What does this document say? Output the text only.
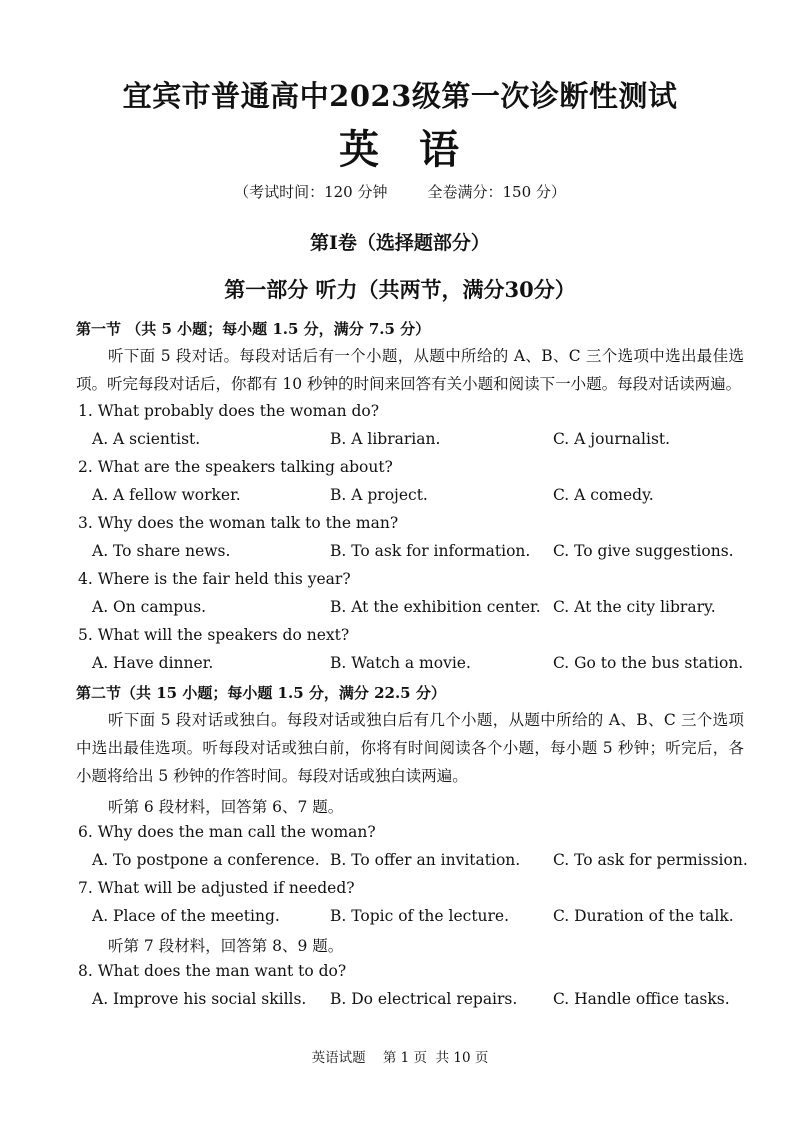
宜宾市普通高中2023级第一次诊断性测试
英 语
（考试时间：120 分钟	全卷满分：150 分）
第Ⅰ卷（选择题部分）
第一部分 听力（共两节，满分30分）
第一节 （共 5 小题；每小题 1.5 分，满分 7.5 分）
听下面 5 段对话。每段对话后有一个小题，从题中所给的 A、B、C 三个选项中选出最佳选项。听完每段对话后，你都有 10 秒钟的时间来回答有关小题和阅读下一小题。每段对话读两遍。
1. What probably does the woman do?
A. A scientist.	B. A librarian.	C. A journalist.
2. What are the speakers talking about?
A. A fellow worker.	B. A project.	C. A comedy.
3. Why does the woman talk to the man?
A. To share news.	B. To ask for information. C. To give suggestions.
4. Where is the fair held this year?
A. On campus.	B. At the exhibition center. C. At the city library.
5. What will the speakers do next?
A. Have dinner.	B. Watch a movie.	C. Go to the bus station.
第二节（共 15 小题；每小题 1.5 分，满分 22.5 分）
听下面 5 段对话或独白。每段对话或独白后有几个小题，从题中所给的 A、B、C 三个选项中选出最佳选项。听每段对话或独白前，你将有时间阅读各个小题，每小题 5 秒钟；听完后，各小题将给出 5 秒钟的作答时间。每段对话或独白读两遍。
听第 6 段材料，回答第 6、7 题。
6. Why does the man call the woman?
A. To postpone a conference. B. To offer an invitation. C. To ask for permission.
7. What will be adjusted if needed?
A. Place of the meeting.	B. Topic of the lecture.	C. Duration of the talk.
听第 7 段材料，回答第 8、9 题。
8. What does the man want to do?
A. Improve his social skills. B. Do electrical repairs. C. Handle office tasks.
英语试题    第 1 页  共 10 页
